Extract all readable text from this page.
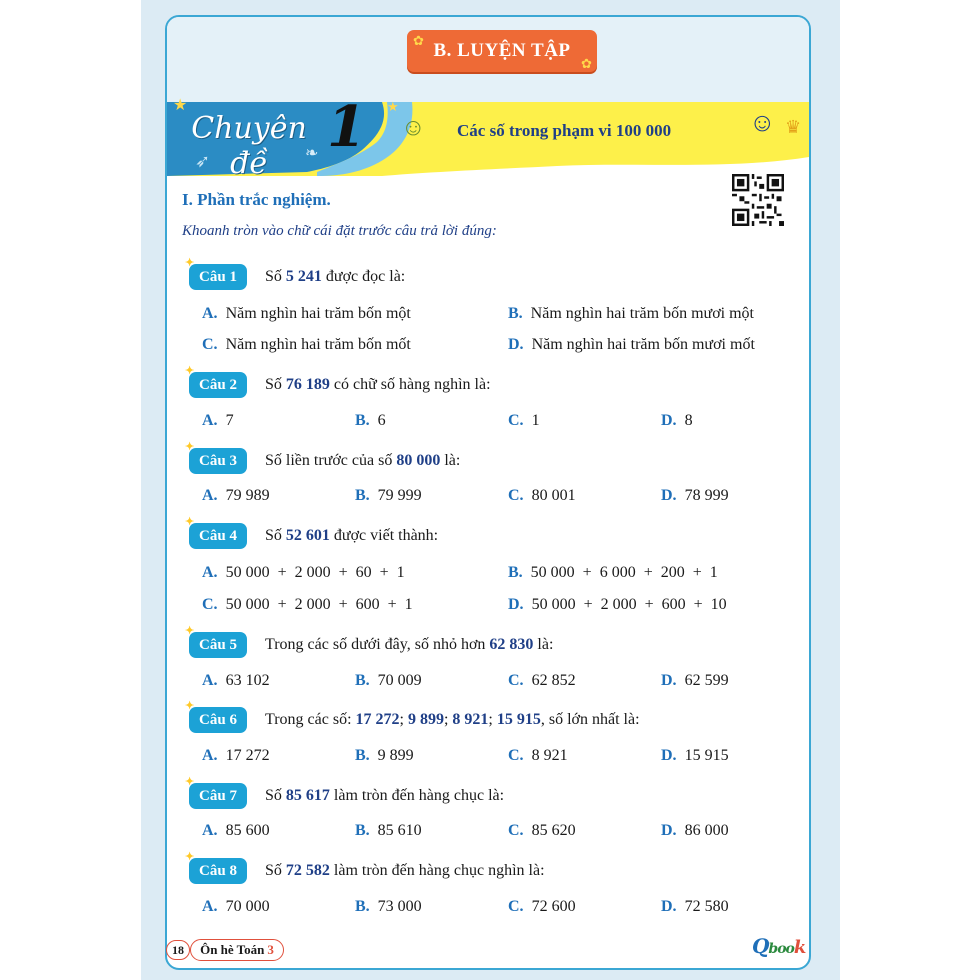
B. LUYỆN TẬP
✿
✿
Chuyên đề
1	Các số trong phạm vi 100 000
★	★
➶	❧
☺	☺ ♛
I. Phần trắc nghiệm.
Khoanh tròn vào chữ cái đặt trước câu trả lời đúng:
✦
Câu 1 Số 5 241 được đọc là:
A. Năm nghìn hai trăm bốn một	B. Năm nghìn hai trăm bốn mươi một
C. Năm nghìn hai trăm bốn mốt	D. Năm nghìn hai trăm bốn mươi mốt
✦
Câu 2 Số 76 189 có chữ số hàng nghìn là:
A. 7	B. 6	C. 1	D. 8
✦
Câu 3 Số liền trước của số 80 000 là:
A. 79 989	B. 79 999	C. 80 001	D. 78 999
✦
Câu 4 Số 52 601 được viết thành:
A. 50 000  +  2 000  +  60  +  1	B. 50 000  +  6 000  +  200  +  1
C. 50 000  +  2 000  +  600  +  1	D. 50 000  +  2 000  +  600  +  10
✦
Câu 5 Trong các số dưới đây, số nhỏ hơn 62 830 là:
A. 63 102	B. 70 009	C. 62 852	D. 62 599
✦
Câu 6 Trong các số: 17 272; 9 899; 8 921; 15 915, số lớn nhất là:
A. 17 272	B. 9 899	C. 8 921	D. 15 915
✦
Câu 7 Số 85 617 làm tròn đến hàng chục là:
A. 85 600	B. 85 610	C. 85 620	D. 86 000
✦
Câu 8 Số 72 582 làm tròn đến hàng chục nghìn là:
A. 70 000	B. 73 000	C. 72 600	D. 72 580
18	Ôn hè Toán 3	Qbook
